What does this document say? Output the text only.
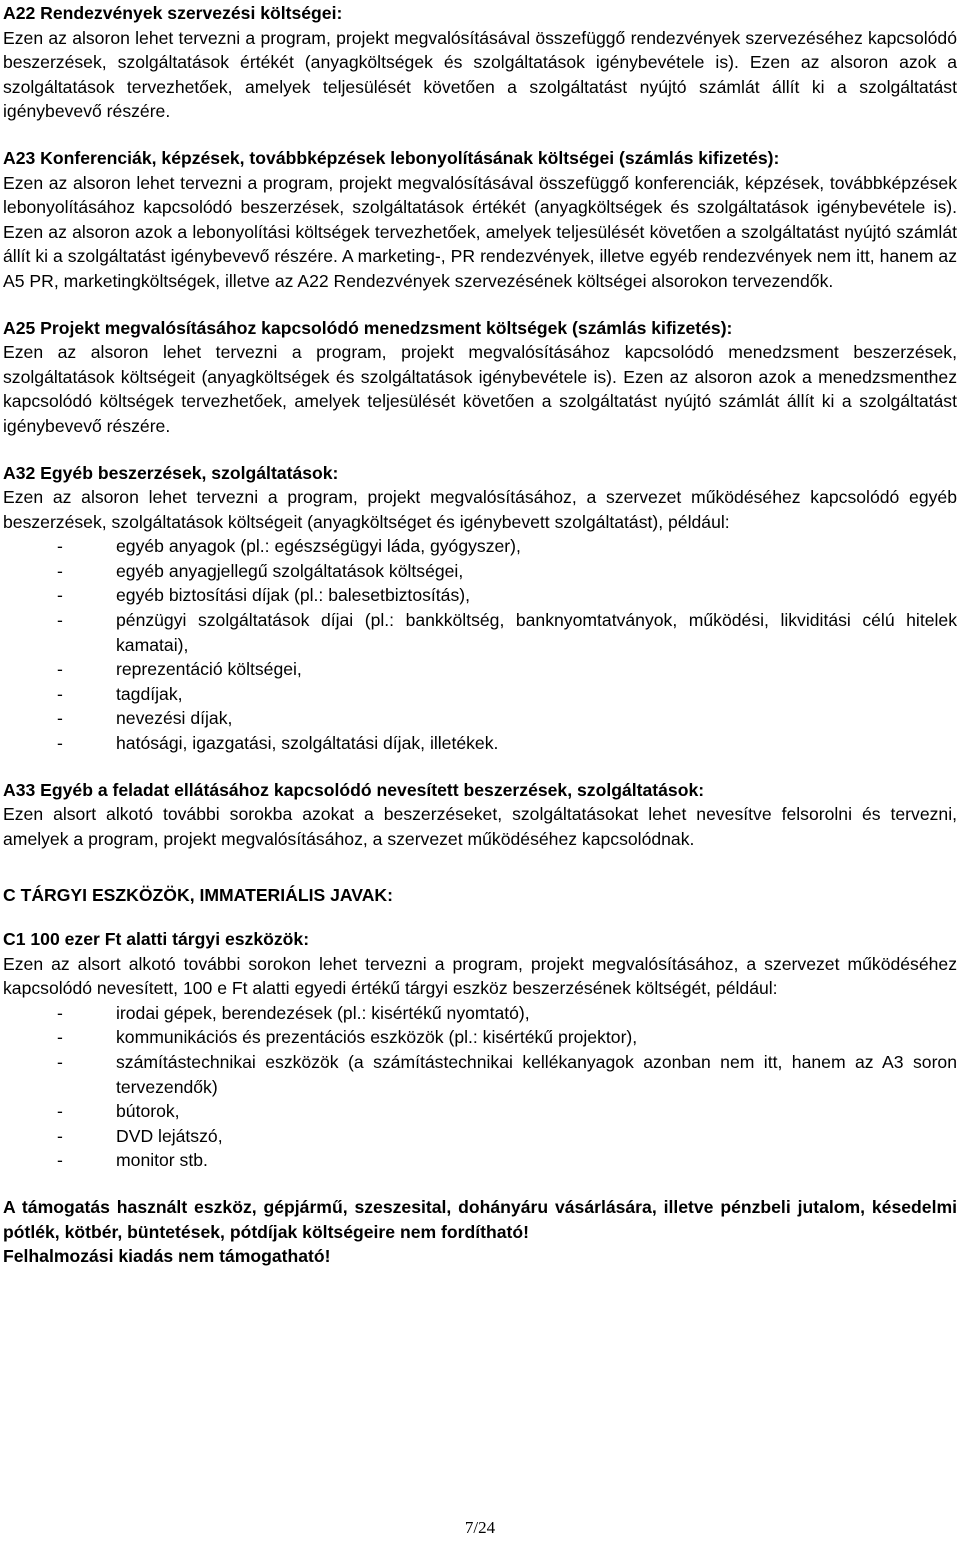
A22 Rendezvények szervezési költségei:

Ezen az alsoron lehet tervezni a program, projekt megvalósításával összefüggő rendezvények szervezéséhez kapcsolódó beszerzések, szolgáltatások értékét (anyagköltségek és szolgáltatások igénybevétele is). Ezen az alsoron azok a szolgáltatások tervezhetőek, amelyek teljesülését követően a szolgáltatást nyújtó számlát állít ki a szolgáltatást igénybevevő részére.

A23 Konferenciák, képzések, továbbképzések lebonyolításának költségei (számlás kifizetés):

Ezen az alsoron lehet tervezni a program, projekt megvalósításával összefüggő konferenciák, képzések, továbbképzések lebonyolításához kapcsolódó beszerzések, szolgáltatások értékét (anyagköltségek és szolgáltatások igénybevétele is). Ezen az alsoron azok a lebonyolítási költségek tervezhetőek, amelyek teljesülését követően a szolgáltatást nyújtó számlát állít ki a szolgáltatást igénybevevő részére. A marketing-, PR rendezvények, illetve egyéb rendezvények nem itt, hanem az A5 PR, marketingköltségek, illetve az A22 Rendezvények szervezésének költségei alsorokon tervezendők.

A25 Projekt megvalósításához kapcsolódó menedzsment költségek (számlás kifizetés):

Ezen az alsoron lehet tervezni a program, projekt megvalósításához kapcsolódó menedzsment beszerzések, szolgáltatások költségeit (anyagköltségek és szolgáltatások igénybevétele is). Ezen az alsoron azok a menedzsmenthez kapcsolódó költségek tervezhetőek, amelyek teljesülését követően a szolgáltatást nyújtó számlát állít ki a szolgáltatást igénybevevő részére.

A32 Egyéb beszerzések, szolgáltatások:

Ezen az alsoron lehet tervezni a program, projekt megvalósításához, a szervezet működéséhez kapcsolódó egyéb beszerzések, szolgáltatások költségeit (anyagköltséget és igénybevett szolgáltatást), például:

-	egyéb anyagok (pl.: egészségügyi láda, gyógyszer),
-	egyéb anyagjellegű szolgáltatások költségei,
-	egyéb biztosítási díjak (pl.: balesetbiztosítás),
-	pénzügyi szolgáltatások díjai (pl.: bankköltség, banknyomtatványok, működési, likviditási célú hitelek kamatai),
-	reprezentáció költségei,
-	tagdíjak,
-	nevezési díjak,
-	hatósági, igazgatási, szolgáltatási díjak, illetékek.
A33 Egyéb a feladat ellátásához kapcsolódó nevesített beszerzések, szolgáltatások:

Ezen alsort alkotó további sorokba azokat a beszerzéseket, szolgáltatásokat lehet nevesítve felsorolni és tervezni, amelyek a program, projekt megvalósításához, a szervezet működéséhez kapcsolódnak.

C TÁRGYI ESZKÖZÖK, IMMATERIÁLIS JAVAK:
C1 100 ezer Ft alatti tárgyi eszközök:

Ezen az alsort alkotó további sorokon lehet tervezni a program, projekt megvalósításához, a szervezet működéséhez kapcsolódó nevesített, 100 e Ft alatti egyedi értékű tárgyi eszköz beszerzésének költségét, például:

-	irodai gépek, berendezések (pl.: kisértékű nyomtató),
-	kommunikációs és prezentációs eszközök (pl.: kisértékű projektor),
-	számítástechnikai eszközök (a számítástechnikai kellékanyagok azonban nem itt, hanem az A3 soron tervezendők)
-	bútorok,
-	DVD lejátszó,
-	monitor stb.

A támogatás használt eszköz, gépjármű, szeszesital, dohányáru vásárlására, illetve pénzbeli jutalom, késedelmi pótlék, kötbér, büntetések, pótdíjak költségeire nem fordítható!

Felhalmozási kiadás nem támogatható!

7/24
